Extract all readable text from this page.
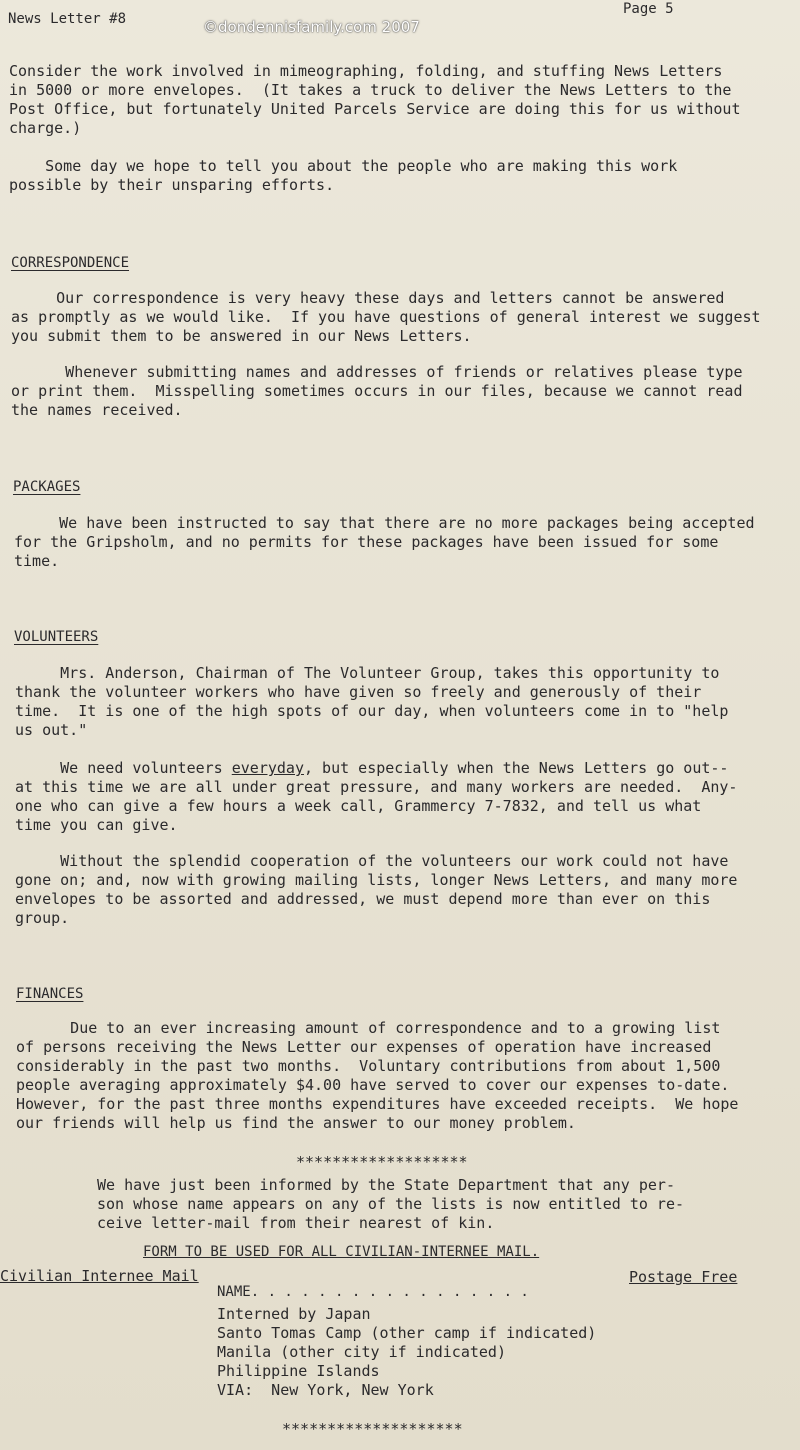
News Letter #8	©dondennisfamily.com 2007
Page 5
Consider the work involved in mimeographing, folding, and stuffing News Letters
in 5000 or more envelopes.  (It takes a truck to deliver the News Letters to the
Post Office, but fortunately United Parcels Service are doing this for us without
charge.)
Some day we hope to tell you about the people who are making this work
possible by their unsparing efforts.
CORRESPONDENCE
Our correspondence is very heavy these days and letters cannot be answered
as promptly as we would like.  If you have questions of general interest we suggest
you submit them to be answered in our News Letters.
Whenever submitting names and addresses of friends or relatives please type
or print them.  Misspelling sometimes occurs in our files, because we cannot read
the names received.
PACKAGES
We have been instructed to say that there are no more packages being accepted
for the Gripsholm, and no permits for these packages have been issued for some
time.
VOLUNTEERS
Mrs. Anderson, Chairman of The Volunteer Group, takes this opportunity to
thank the volunteer workers who have given so freely and generously of their
time.  It is one of the high spots of our day, when volunteers come in to "help
us out."
We need volunteers everyday, but especially when the News Letters go out--
at this time we are all under great pressure, and many workers are needed.  Any-
one who can give a few hours a week call, Grammercy 7-7832, and tell us what
time you can give.
Without the splendid cooperation of the volunteers our work could not have
gone on; and, now with growing mailing lists, longer News Letters, and many more
envelopes to be assorted and addressed, we must depend more than ever on this
group.
FINANCES
Due to an ever increasing amount of correspondence and to a growing list
of persons receiving the News Letter our expenses of operation have increased
considerably in the past two months.  Voluntary contributions from about 1,500
people averaging approximately $4.00 have served to cover our expenses to-date.
However, for the past three months expenditures have exceeded receipts.  We hope
our friends will help us find the answer to our money problem.
*******************
We have just been informed by the State Department that any per-
son whose name appears on any of the lists is now entitled to re-
ceive letter-mail from their nearest of kin.
FORM TO BE USED FOR ALL CIVILIAN-INTERNEE MAIL.
Civilian Internee Mail	Postage Free
NAME. . . . . . . . . . . . . . . . .
Interned by Japan
Santo Tomas Camp (other camp if indicated)
Manila (other city if indicated)
Philippine Islands
VIA:  New York, New York
********************
